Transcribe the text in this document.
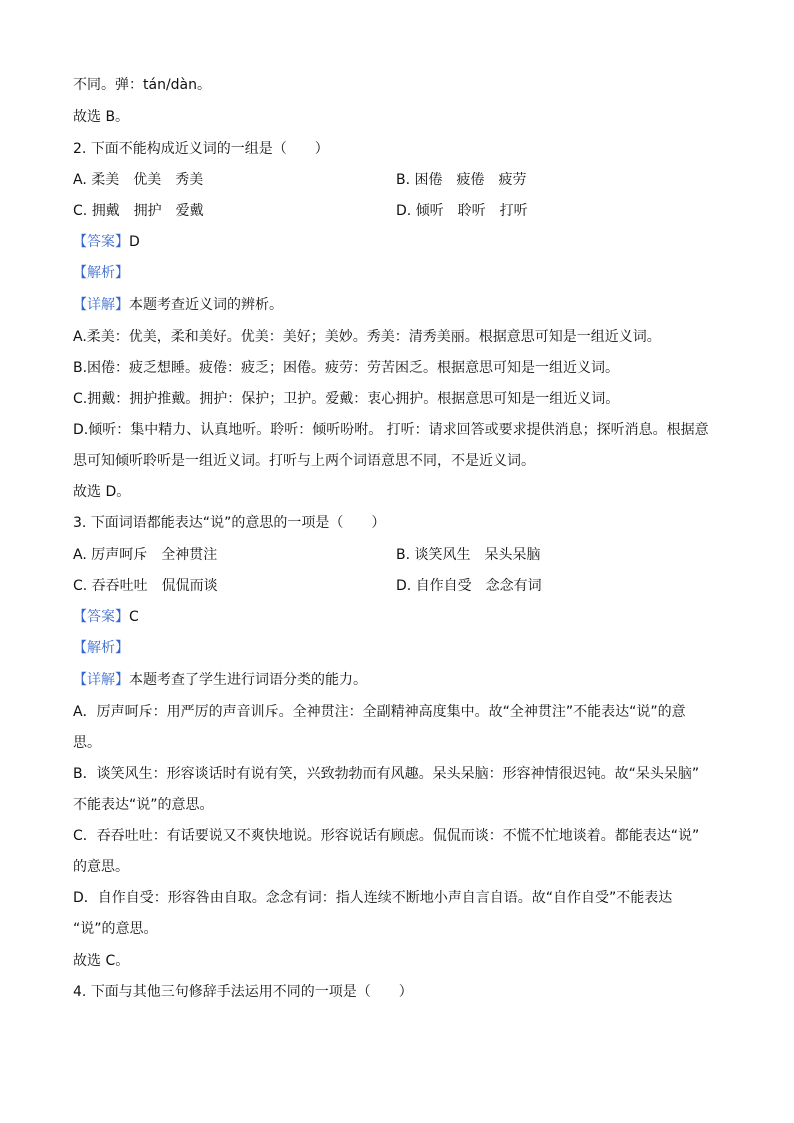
不同。弹：tán/dàn。
故选 B。
2. 下面不能构成近义词的一组是（　　）
A. 柔美　优美　秀美	B. 困倦　疲倦　疲劳
C. 拥戴　拥护　爱戴	D. 倾听　聆听　打听
【答案】D
【解析】
【详解】本题考查近义词的辨析。
A.柔美：优美，柔和美好。优美：美好；美妙。秀美：清秀美丽。根据意思可知是一组近义词。
B.困倦：疲乏想睡。疲倦：疲乏；困倦。疲劳：劳苦困乏。根据意思可知是一组近义词。
C.拥戴：拥护推戴。拥护：保护；卫护。爱戴：衷心拥护。根据意思可知是一组近义词。
D.倾听：集中精力、认真地听。聆听：倾听吩咐。 打听：请求回答或要求提供消息；探听消息。根据意
思可知倾听聆听是一组近义词。打听与上两个词语意思不同，不是近义词。
故选 D。
3. 下面词语都能表达“说”的意思的一项是（　　）
A. 厉声呵斥　全神贯注	B. 谈笑风生　呆头呆脑
C. 吞吞吐吐　侃侃而谈	D. 自作自受　念念有词
【答案】C
【解析】
【详解】本题考查了学生进行词语分类的能力。
A．厉声呵斥：用严厉的声音训斥。全神贯注：全副精神高度集中。故“全神贯注”不能表达“说”的意
思。
B．谈笑风生：形容谈话时有说有笑，兴致勃勃而有风趣。呆头呆脑：形容神情很迟钝。故“呆头呆脑”
不能表达“说”的意思。
C．吞吞吐吐：有话要说又不爽快地说。形容说话有顾虑。侃侃而谈：不慌不忙地谈着。都能表达“说”
的意思。
D．自作自受：形容咎由自取。念念有词：指人连续不断地小声自言自语。故“自作自受”不能表达
“说”的意思。
故选 C。
4. 下面与其他三句修辞手法运用不同的一项是（　　）
